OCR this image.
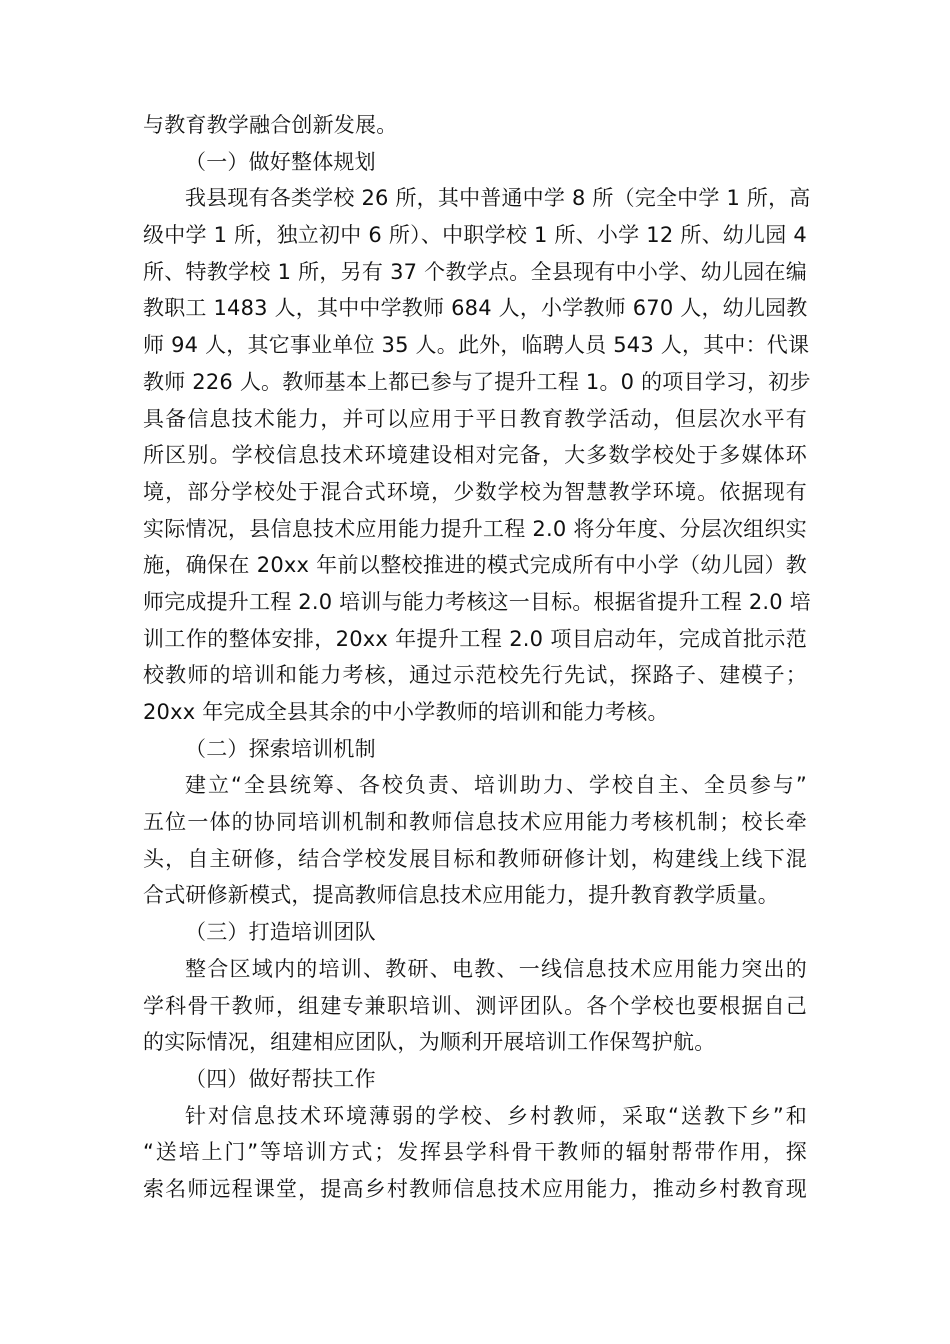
与教育教学融合创新发展。
（一）做好整体规划
我县现有各类学校 26 所，其中普通中学 8 所（完全中学 1 所，高
级中学 1 所，独立初中 6 所）、中职学校 1 所、小学 12 所、幼儿园 4
所、特教学校 1 所，另有 37 个教学点。全县现有中小学、幼儿园在编
教职工 1483 人，其中中学教师 684 人，小学教师 670 人，幼儿园教
师 94 人，其它事业单位 35 人。此外，临聘人员 543 人，其中：代课
教师 226 人。教师基本上都已参与了提升工程 1。0 的项目学习，初步
具备信息技术能力，并可以应用于平日教育教学活动，但层次水平有
所区别。学校信息技术环境建设相对完备，大多数学校处于多媒体环
境，部分学校处于混合式环境，少数学校为智慧教学环境。依据现有
实际情况，县信息技术应用能力提升工程 2.0 将分年度、分层次组织实
施，确保在 20xx 年前以整校推进的模式完成所有中小学（幼儿园）教
师完成提升工程 2.0 培训与能力考核这一目标。根据省提升工程 2.0 培
训工作的整体安排，20xx 年提升工程 2.0 项目启动年，完成首批示范
校教师的培训和能力考核，通过示范校先行先试，探路子、建模子；
20xx 年完成全县其余的中小学教师的培训和能力考核。
（二）探索培训机制
建立“全县统筹、各校负责、培训助力、学校自主、全员参与”
五位一体的协同培训机制和教师信息技术应用能力考核机制；校长牵
头，自主研修，结合学校发展目标和教师研修计划，构建线上线下混
合式研修新模式，提高教师信息技术应用能力，提升教育教学质量。
（三）打造培训团队
整合区域内的培训、教研、电教、一线信息技术应用能力突出的
学科骨干教师，组建专兼职培训、测评团队。各个学校也要根据自己
的实际情况，组建相应团队，为顺利开展培训工作保驾护航。
（四）做好帮扶工作
针对信息技术环境薄弱的学校、乡村教师，采取“送教下乡”和
“送培上门”等培训方式；发挥县学科骨干教师的辐射帮带作用，探
索名师远程课堂，提高乡村教师信息技术应用能力，推动乡村教育现
